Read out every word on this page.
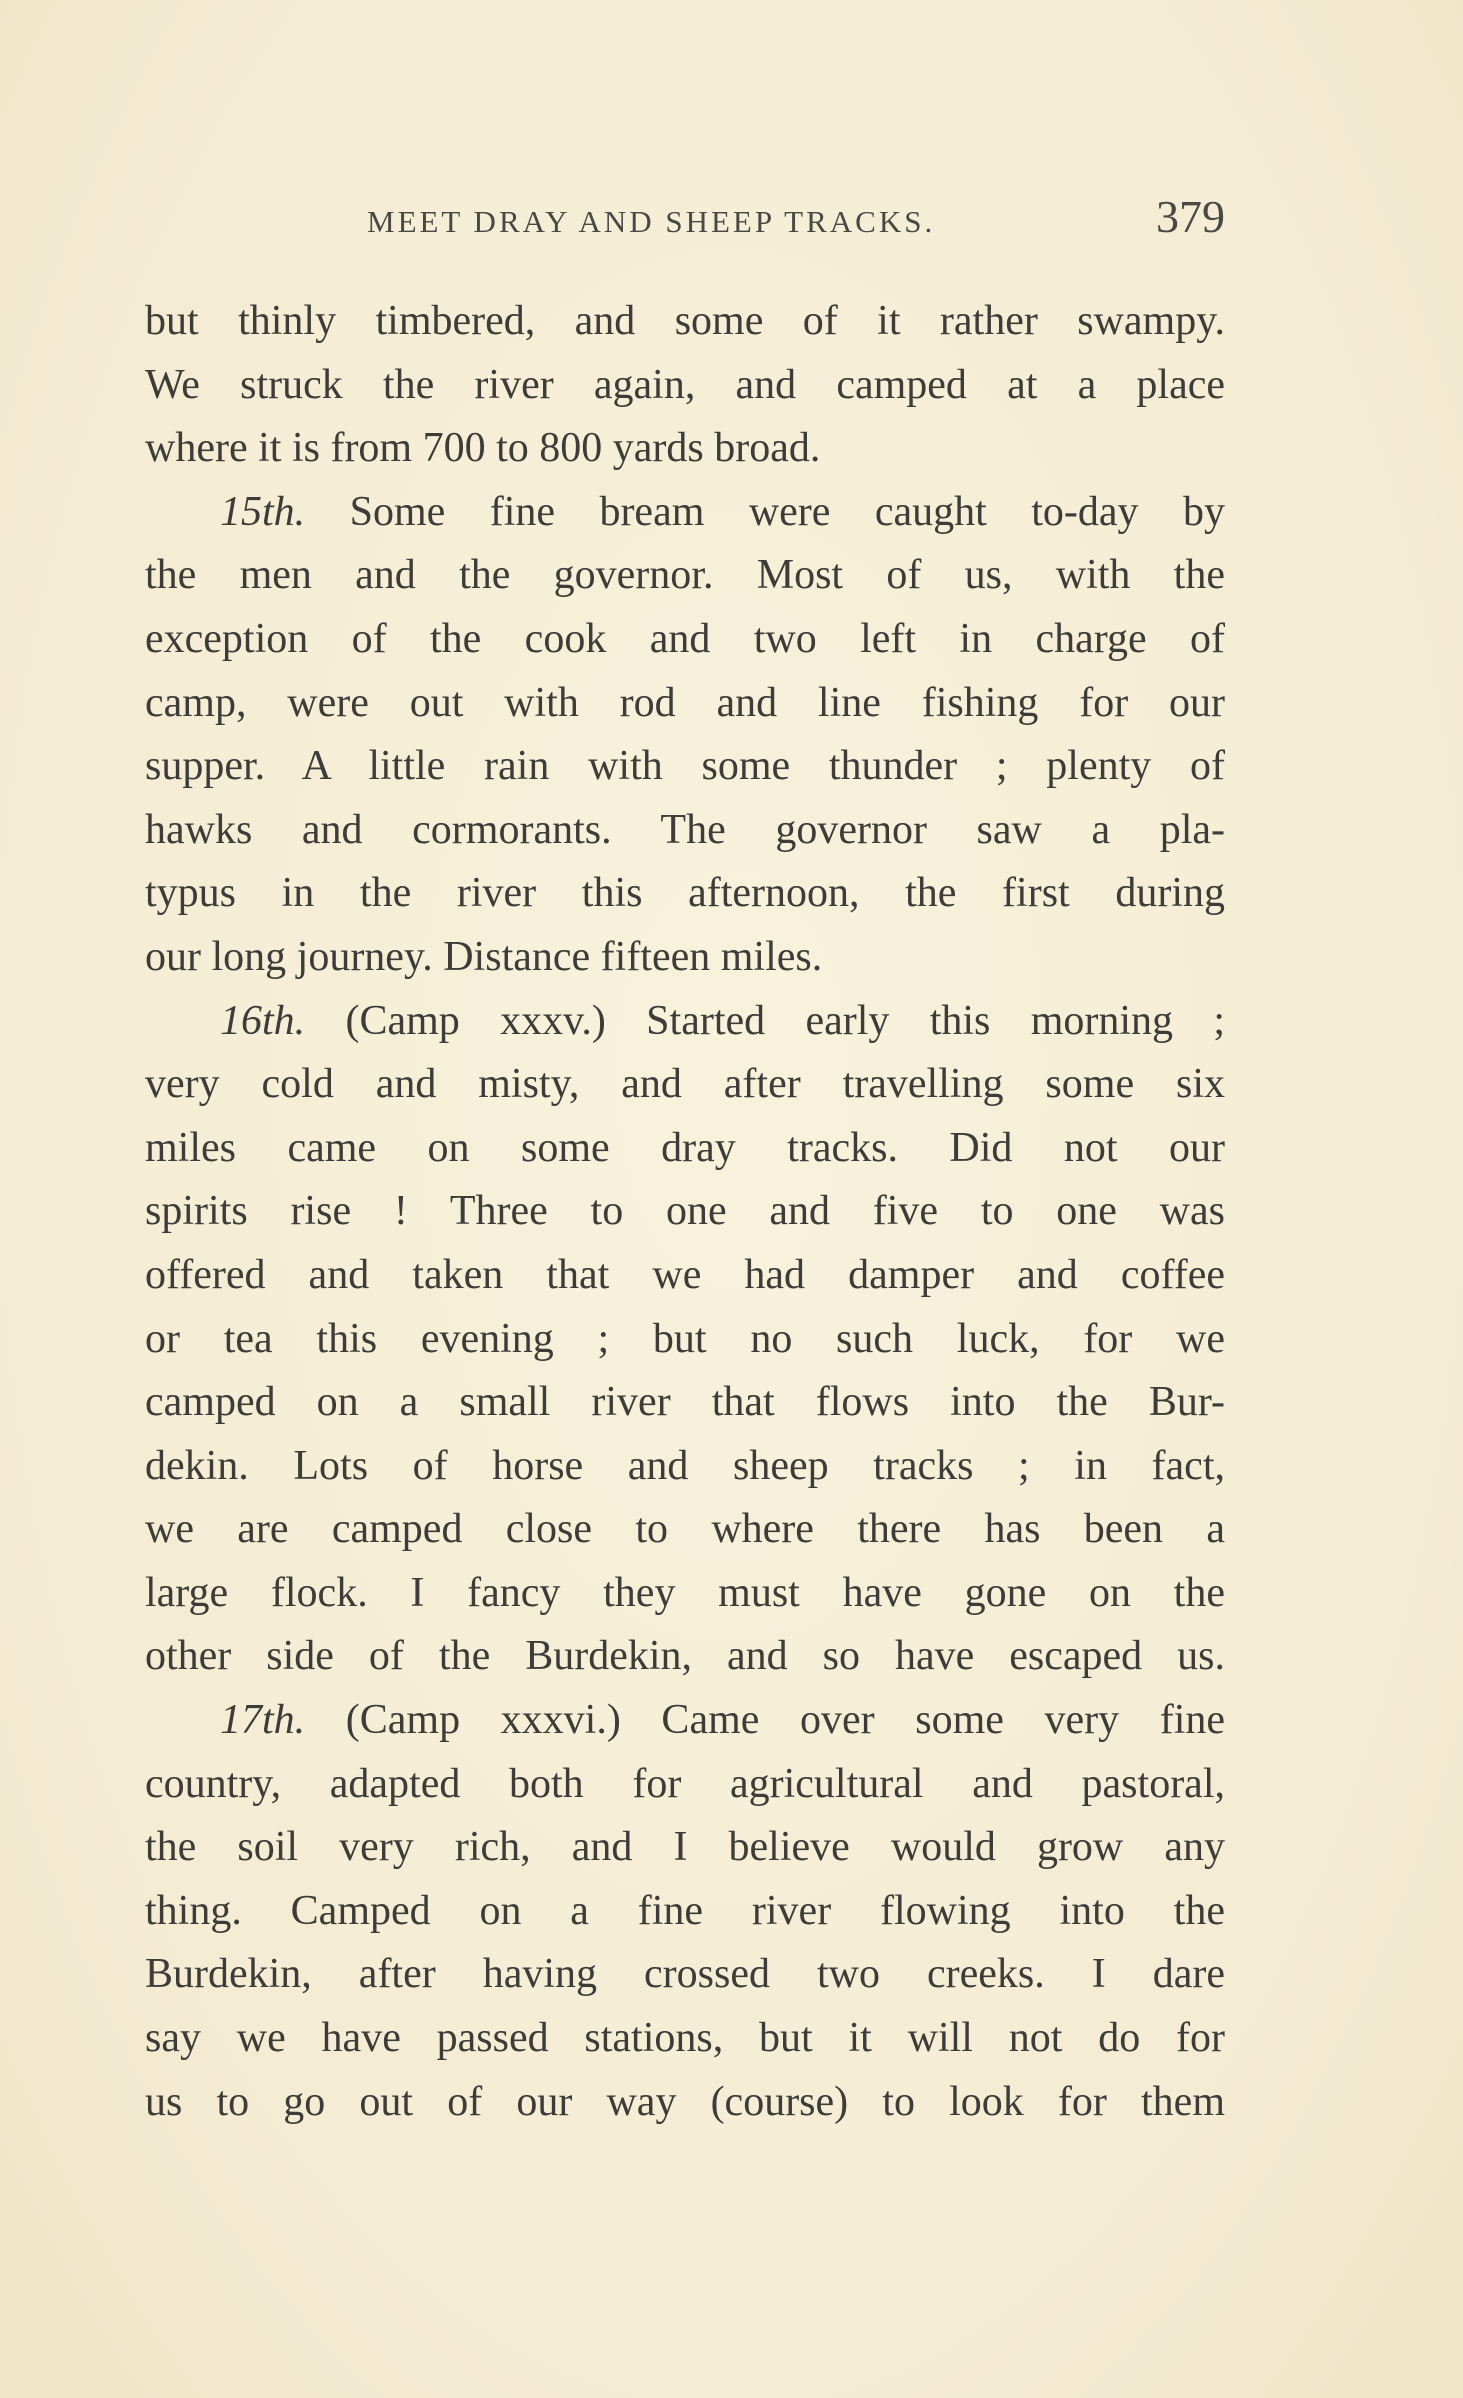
MEET DRAY AND SHEEP TRACKS.	379
but thinly timbered, and some of it rather swampy.
We struck the river again, and camped at a place
where it is from 700 to 800 yards broad.
15th. Some fine bream were caught to-day by
the men and the governor. Most of us, with the
exception of the cook and two left in charge of
camp, were out with rod and line fishing for our
supper. A little rain with some thunder ; plenty of
hawks and cormorants. The governor saw a pla-
typus in the river this afternoon, the first during
our long journey. Distance fifteen miles.
16th. (Camp xxxv.) Started early this morning ;
very cold and misty, and after travelling some six
miles came on some dray tracks. Did not our
spirits rise ! Three to one and five to one was
offered and taken that we had damper and coffee
or tea this evening ; but no such luck, for we
camped on a small river that flows into the Bur-
dekin. Lots of horse and sheep tracks ; in fact,
we are camped close to where there has been a
large flock. I fancy they must have gone on the
other side of the Burdekin, and so have escaped us.
17th. (Camp xxxvi.) Came over some very fine
country, adapted both for agricultural and pastoral,
the soil very rich, and I believe would grow any
thing. Camped on a fine river flowing into the
Burdekin, after having crossed two creeks. I dare
say we have passed stations, but it will not do for
us to go out of our way (course) to look for them
